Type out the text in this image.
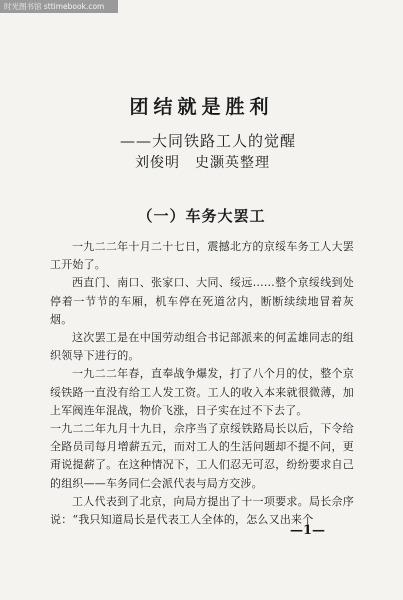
时光图书馆 sttimebook.com
团结就是胜利
——大同铁路工人的觉醒
刘俊明　史灏英整理
（一）车务大罢工

一九二二年十月二十七日，震撼北方的京绥车务工人大罢工开始了。

西直门、南口、张家口、大同、绥远……整个京绥线到处停着一节节的车厢，机车停在死道岔内，断断续续地冒着灰烟。

这次罢工是在中国劳动组合书记部派来的何孟雄同志的组织领导下进行的。

一九二二年春，直奉战争爆发，打了八个月的仗，整个京绥铁路一直没有给工人发工资。工人的收入本来就很微薄，加上军阀连年混战，物价飞涨，日子实在过不下去了。

一九二二年九月十九日，佘序当了京绥铁路局长以后，下令给全路员司每月增薪五元，而对工人的生活问题却不提不问，更甭说提薪了。在这种情况下，工人们忍无可忍，纷纷要求自己的组织——车务同仁会派代表与局方交涉。

工人代表到了北京，向局方提出了十一项要求。局长佘序说：“我只知道局长是代表工人全体的，怎么又出来个

—1—
